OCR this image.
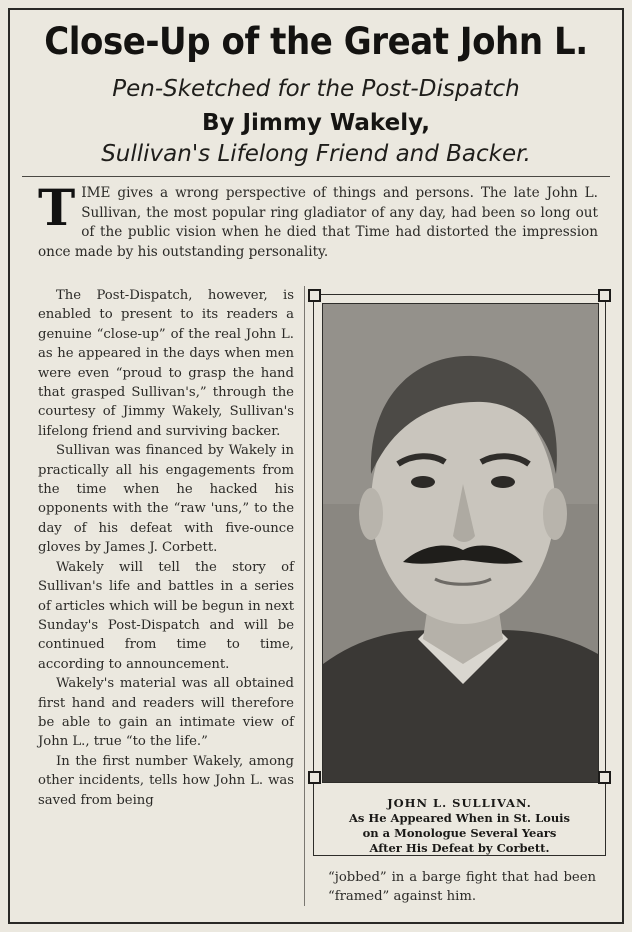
Close-Up of the Great John L.
Pen-Sketched for the Post-Dispatch
By Jimmy Wakely,
Sullivan's Lifelong Friend and Backer.
TIME gives a wrong perspective of things and persons. The late John L. Sullivan, the most popular ring gladiator of any day, had been so long out of the public vision when he died that Time had distorted the impression once made by his outstanding personality.

The Post-Dispatch, however, is enabled to present to its readers a genuine “close-up” of the real John L. as he appeared in the days when men were even “proud to grasp the hand that grasped Sullivan's,” through the courtesy of Jimmy Wakely, Sullivan's lifelong friend and surviving backer.

Sullivan was financed by Wakely in practically all his engagements from the time when he hacked his opponents with the “raw 'uns,” to the day of his defeat with five-ounce gloves by James J. Corbett.

Wakely will tell the story of Sullivan's life and battles in a series of articles which will be begun in next Sunday's Post-Dispatch and will be continued from time to time, according to announcement.

Wakely's material was all obtained first hand and readers will therefore be able to gain an intimate view of John L., true “to the life.”

In the first number Wakely, among other incidents, tells how John L. was saved from being	JOHN L. SULLIVAN.
As He Appeared When in St. Louis
on a Monologue Several Years
After His Defeat by Corbett.

“jobbed” in a barge fight that had been “framed” against him.
